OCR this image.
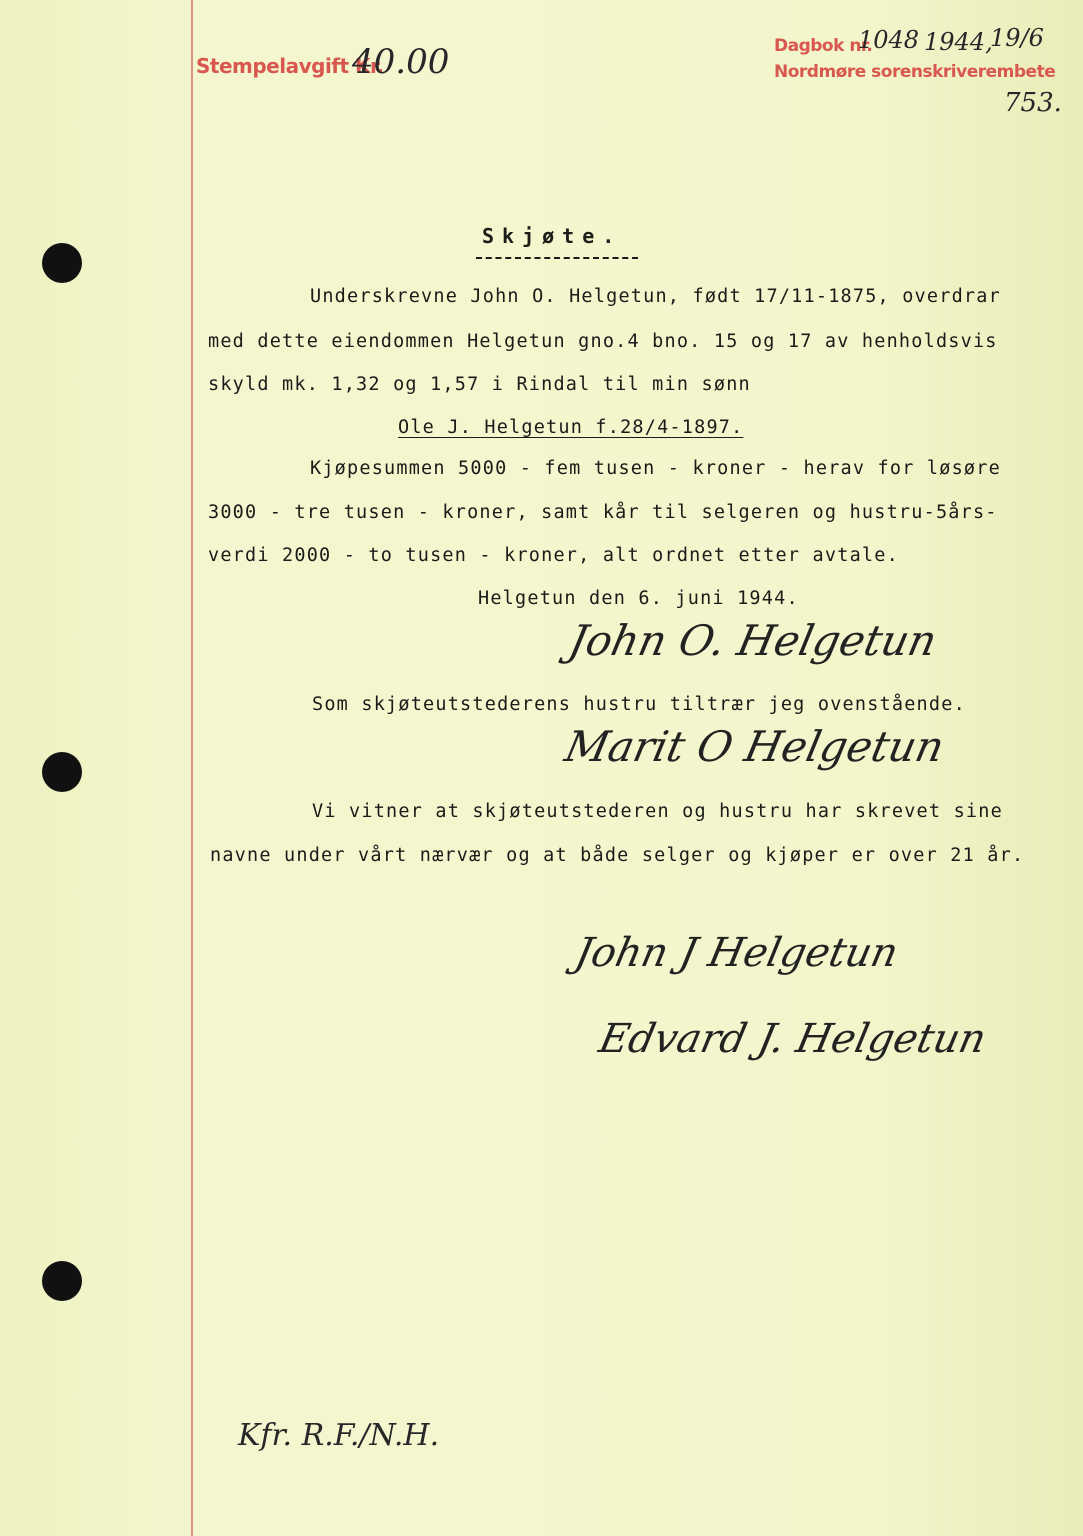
Stempelavgift Kr.
40.00	Dagbok nr.
1048 1944,
19/6
Nordmøre sorenskriverembete
753.
Skjøte.
Underskrevne John O. Helgetun, født 17/11-1875, overdrar
med dette eiendommen Helgetun gno.4 bno. 15 og 17 av henholdsvis
skyld mk. 1,32 og 1,57 i Rindal til min sønn
Ole J. Helgetun f.28/4-1897.
Kjøpesummen 5000 - fem tusen - kroner - herav for løsøre
3000 - tre tusen - kroner, samt kår til selgeren og hustru-5års-
verdi 2000 - to tusen - kroner, alt ordnet etter avtale.
Helgetun den 6. juni 1944.
John O. Helgetun
Som skjøteutstederens hustru tiltrær jeg ovenstående.
Marit O Helgetun
Vi vitner at skjøteutstederen og hustru har skrevet sine
navne under vårt nærvær og at både selger og kjøper er over 21 år.
John J Helgetun
Edvard J. Helgetun
Kfr. R.F./N.H.
